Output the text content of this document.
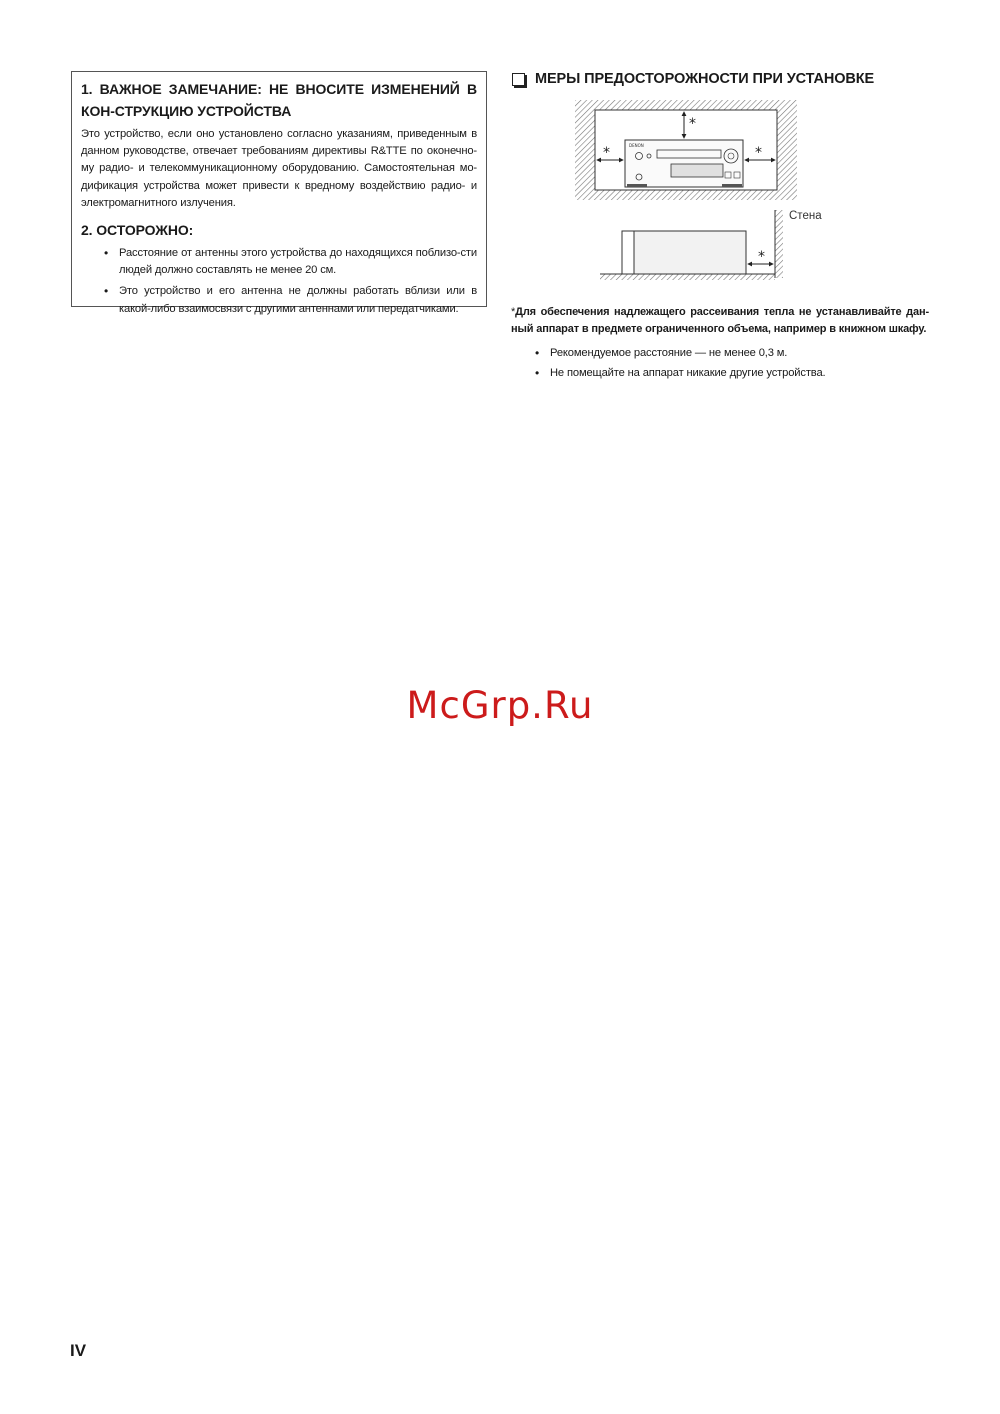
1. ВАЖНОЕ ЗАМЕЧАНИЕ: НЕ ВНОСИТЕ ИЗМЕНЕНИЙ В КОН-СТРУКЦИЮ УСТРОЙСТВА

Это устройство, если оно установлено согласно указаниям, приведенным в данном руководстве, отвечает требованиям директивы R&TTE по оконечно-му радио- и телекоммуникационному оборудованию. Самостоятельная мо-дификация устройства может привести к вредному воздействию радио- и электромагнитного излучения.

2. ОСТОРОЖНО:

• Расстояние от антенны этого устройства до находящихся поблизо-сти людей должно составлять не менее 20 см.
• Это устройство и его антенна не должны работать вблизи или в какой-либо взаимосвязи с другими антеннами или передатчиками.
МЕРЫ ПРЕДОСТОРОЖНОСТИ ПРИ УСТАНОВКЕ
DENON
*
*	*
*
Стена
*Для обеспечения надлежащего рассеивания тепла не устанавливайте дан-ный аппарат в предмете ограниченного объема, например в книжном шкафу.
• Рекомендуемое расстояние — не менее 0,3 м.
• Не помещайте на аппарат никакие другие устройства.
McGrp.Ru
IV
